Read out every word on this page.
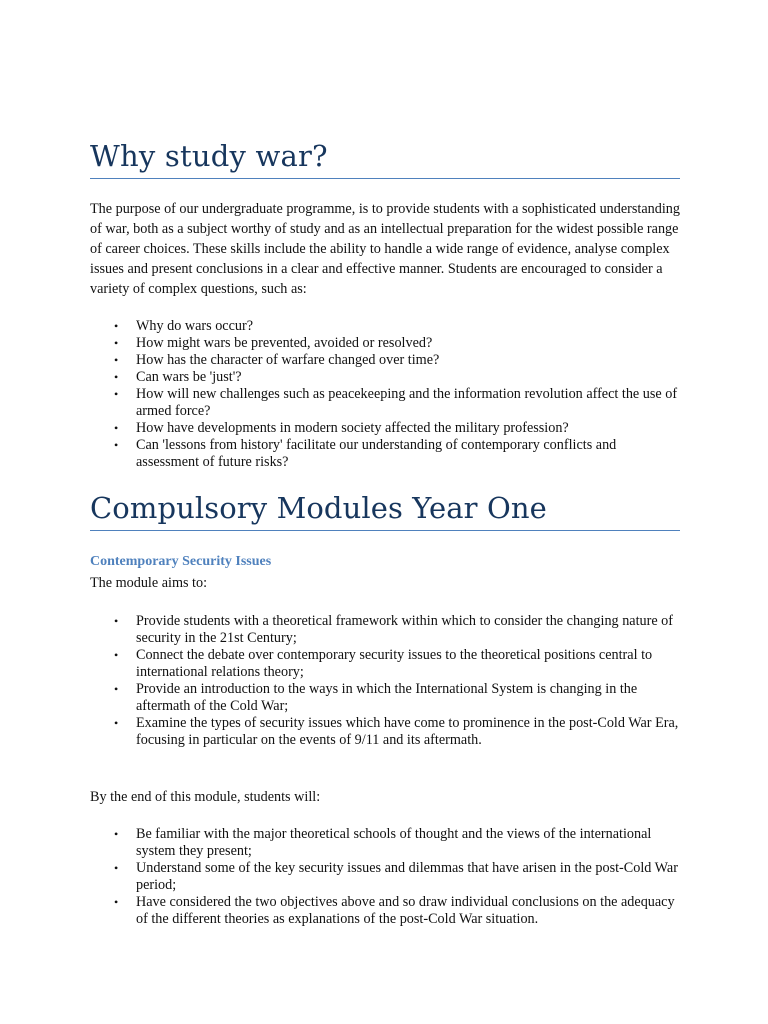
Why study war?

The purpose of our undergraduate programme, is to provide students with a sophisticated understanding of war, both as a subject worthy of study and as an intellectual preparation for the widest possible range of career choices. These skills include the ability to handle a wide range of evidence, analyse complex issues and present conclusions in a clear and effective manner. Students are encouraged to consider a variety of complex questions, such as:

• Why do wars occur?
• How might wars be prevented, avoided or resolved?
• How has the character of warfare changed over time?
• Can wars be 'just'?
• How will new challenges such as peacekeeping and the information revolution affect the use of armed force?
• How have developments in modern society affected the military profession?
• Can 'lessons from history' facilitate our understanding of contemporary conflicts and assessment of future risks?
Compulsory Modules Year One
Contemporary Security Issues

The module aims to:

• Provide students with a theoretical framework within which to consider the changing nature of security in the 21st Century;
• Connect the debate over contemporary security issues to the theoretical positions central to international relations theory;
• Provide an introduction to the ways in which the International System is changing in the aftermath of the Cold War;
• Examine the types of security issues which have come to prominence in the post-Cold War Era, focusing in particular on the events of 9/11 and its aftermath.

By the end of this module, students will:

• Be familiar with the major theoretical schools of thought and the views of the international system they present;
• Understand some of the key security issues and dilemmas that have arisen in the post-Cold War period;
• Have considered the two objectives above and so draw individual conclusions on the adequacy of the different theories as explanations of the post-Cold War situation.
